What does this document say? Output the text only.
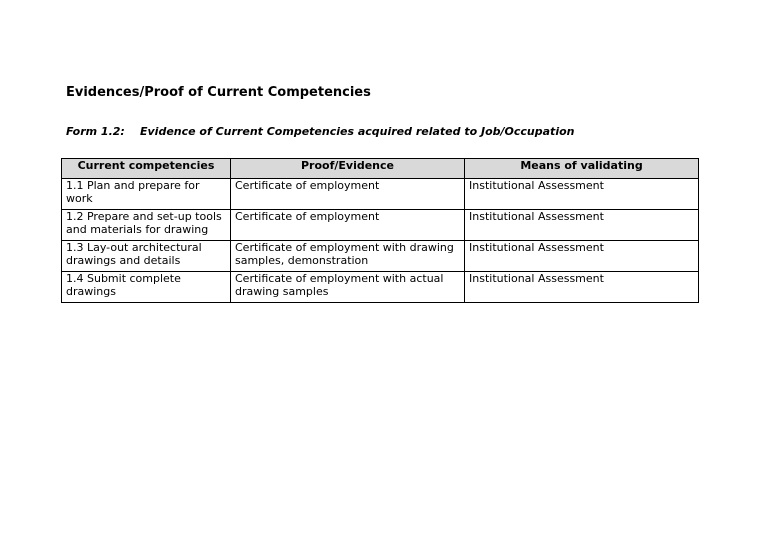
Evidences/Proof of Current Competencies

Form 1.2: Evidence of Current Competencies acquired related to Job/Occupation

Current competencies	Proof/Evidence	Means of validating
1.1 Plan and prepare for work	Certificate of employment	Institutional Assessment
1.2 Prepare and set-up tools and materials for drawing	Certificate of employment	Institutional Assessment
1.3 Lay-out architectural drawings and details	Certificate of employment with drawing samples, demonstration	Institutional Assessment
1.4 Submit complete drawings	Certificate of employment with actual drawing samples	Institutional Assessment
